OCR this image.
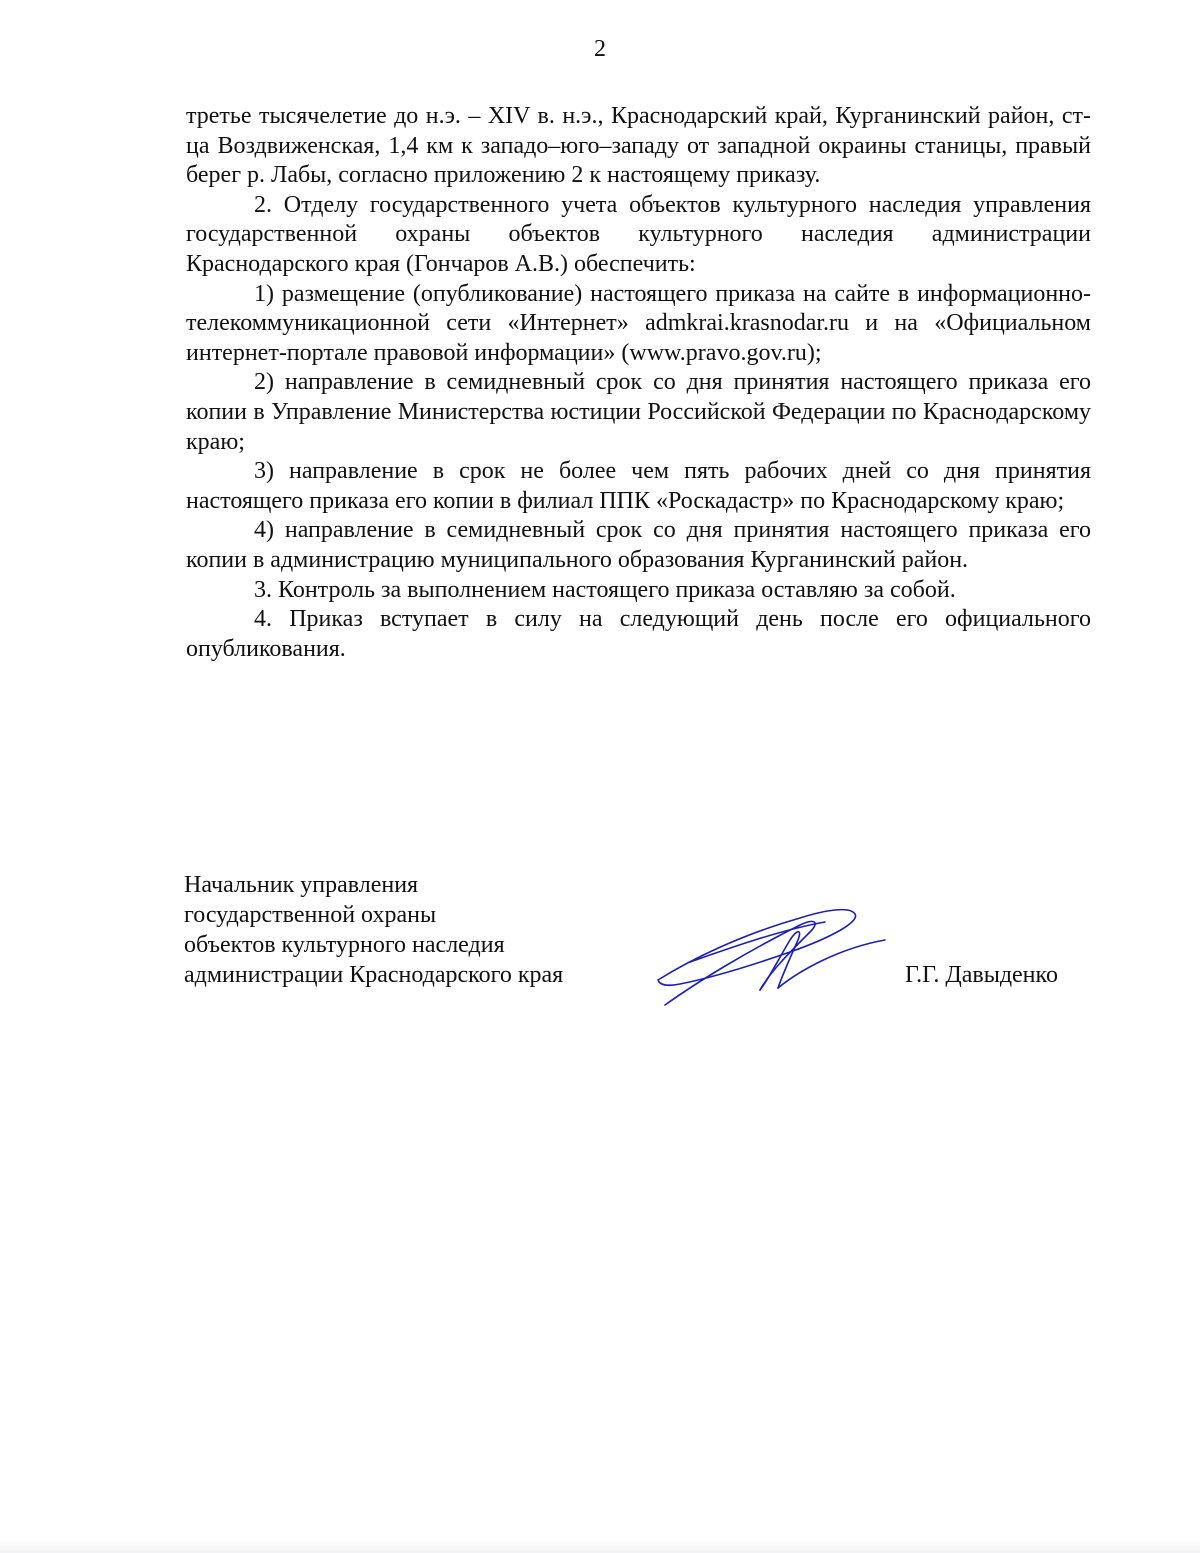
2

третье тысячелетие до н.э. – XIV в. н.э., Краснодарский край, Курганинский район, ст-ца Воздвиженская, 1,4 км к западо–юго–западу от западной окраины станицы, правый берег р. Лабы, согласно приложению 2 к настоящему приказу.

2. Отделу государственного учета объектов культурного наследия управления государственной охраны объектов культурного наследия администрации Краснодарского края (Гончаров А.В.) обеспечить:

1) размещение (опубликование) настоящего приказа на сайте в информационно-телекоммуникационной сети «Интернет» admkrai.krasnodar.ru и на «Официальном интернет-портале правовой информации» (www.pravo.gov.ru);

2) направление в семидневный срок со дня принятия настоящего приказа его копии в Управление Министерства юстиции Российской Федерации по Краснодарскому краю;

3) направление в срок не более чем пять рабочих дней со дня принятия настоящего приказа его копии в филиал ППК «Роскадастр» по Краснодарскому краю;

4) направление в семидневный срок со дня принятия настоящего приказа его копии в администрацию муниципального образования Курганинский район.

3. Контроль за выполнением настоящего приказа оставляю за собой.

4. Приказ вступает в силу на следующий день после его официального опубликования.

Начальник управления
государственной охраны
объектов культурного наследия
администрации Краснодарского края	Г.Г. Давыденко
